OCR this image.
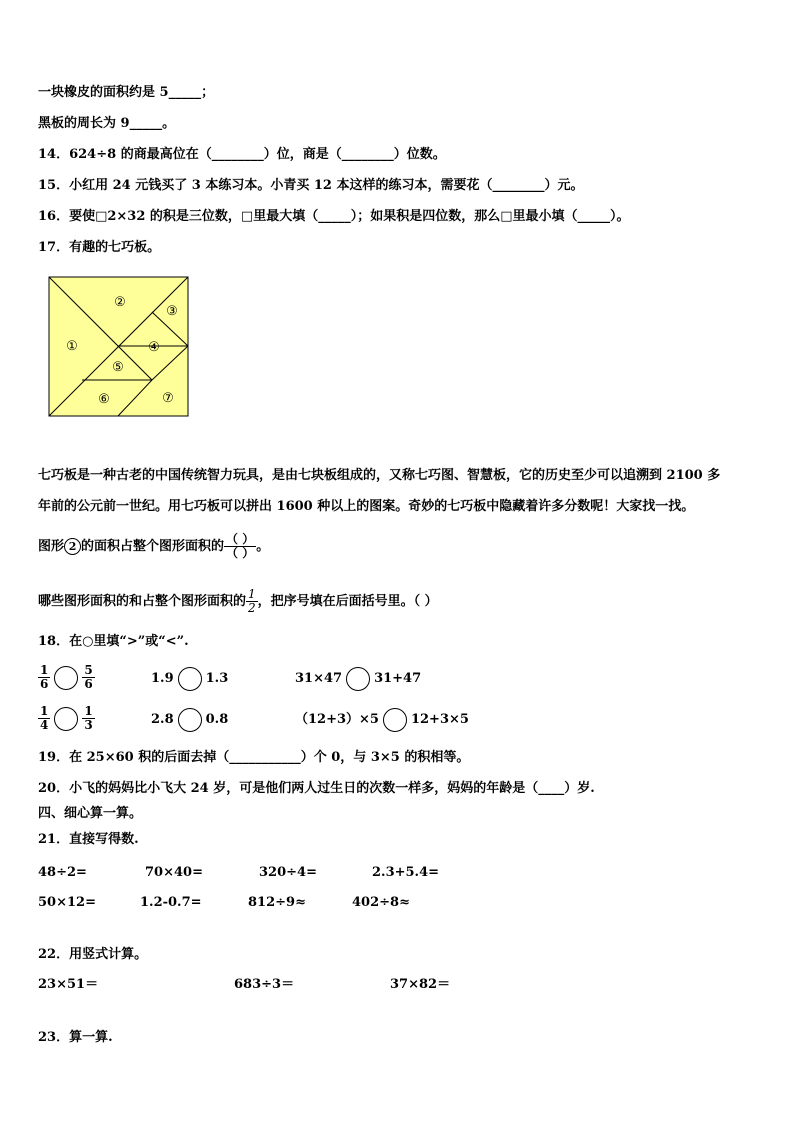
一块橡皮的面积约是 5_____；
黑板的周长为 9_____。
14．624÷8 的商最高位在（________）位，商是（________）位数。
15．小红用 24 元钱买了 3 本练习本。小青买 12 本这样的练习本，需要花（________）元。
16．要使□2×32 的积是三位数，□里最大填（_____）；如果积是四位数，那么□里最小填（_____）。
17．有趣的七巧板。
①
②
③
④
⑤
⑥	⑦
七巧板是一种古老的中国传统智力玩具，是由七块板组成的，又称七巧图、智慧板，它的历史至少可以追溯到 2100 多
年前的公元前一世纪。用七巧板可以拼出 1600 种以上的图案。奇妙的七巧板中隐藏着许多分数呢！大家找一找。
图形 2 的面积占整个图形面积的 $\frac{( )}{( )}$ 。
哪些图形面积的和占整个图形面积的 $\frac{1}{2}$ ，把序号填在后面括号里。（ ）
18．在○里填“>”或“<”.
$\frac{1}{6}$	$\frac{5}{6}$	1.9 1.3	31×47 31+47
$\frac{1}{4}$	$\frac{1}{3}$	2.8 0.8	（12+3）×5 12+3×5
19．在 25×60 积的后面去掉（___________）个 0，与 3×5 的积相等。
20．小飞的妈妈比小飞大 24 岁，可是他们两人过生日的次数一样多，妈妈的年龄是（____）岁.
四、细心算一算。
21．直接写得数.
48÷2=	70×40=	320÷4=	2.3+5.4=
50×12=	1.2-0.7=	812÷9≈	402÷8≈
22．用竖式计算。
23×51＝	683÷3＝	37×82＝
23．算一算.
